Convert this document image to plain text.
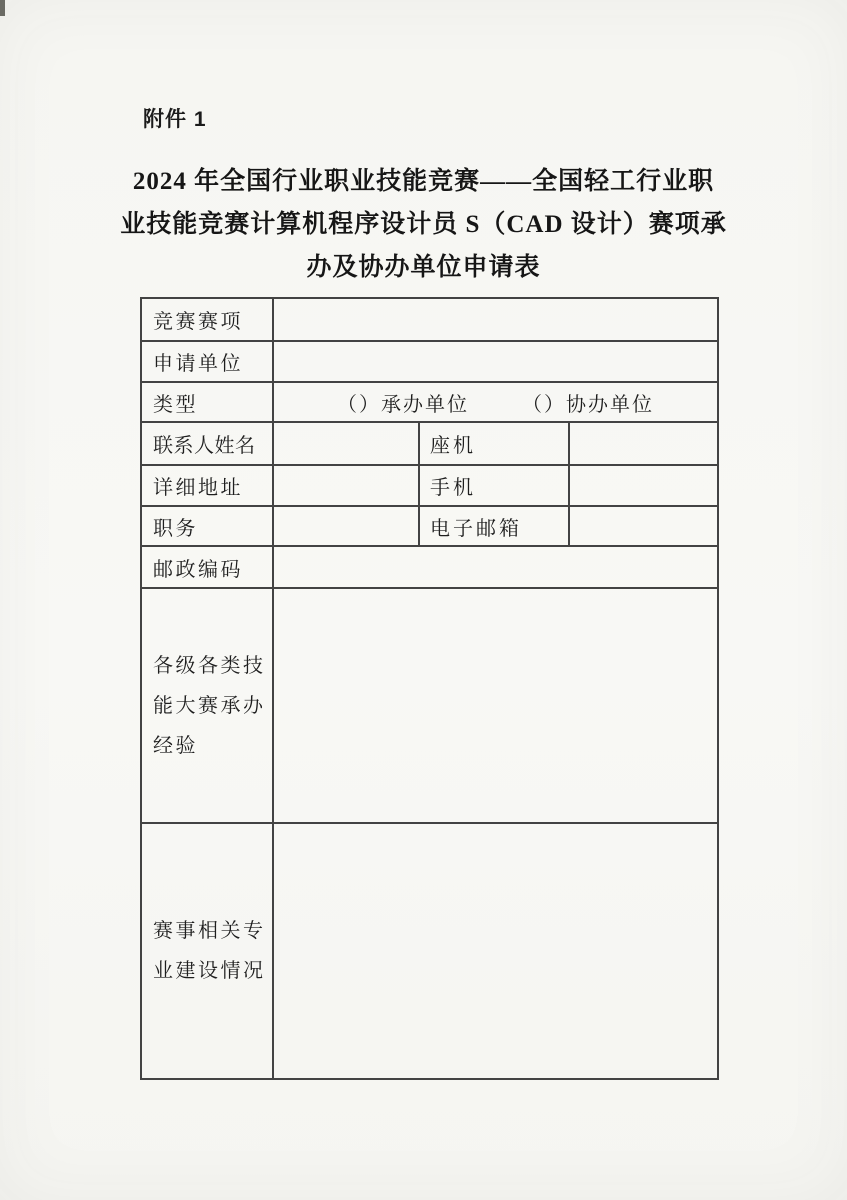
附件 1
2024 年全国行业职业技能竞赛——全国轻工行业职
业技能竞赛计算机程序设计员 S（CAD 设计）赛项承
办及协办单位申请表
竞赛赛项			
申请单位			
类型	（）承办单位 （）协办单位		
联系人姓名		座机	
详细地址		手机	
职务		电子邮箱	
邮政编码			

各级各类技
能大赛承办
经验			

赛事相关专
业建设情况			
